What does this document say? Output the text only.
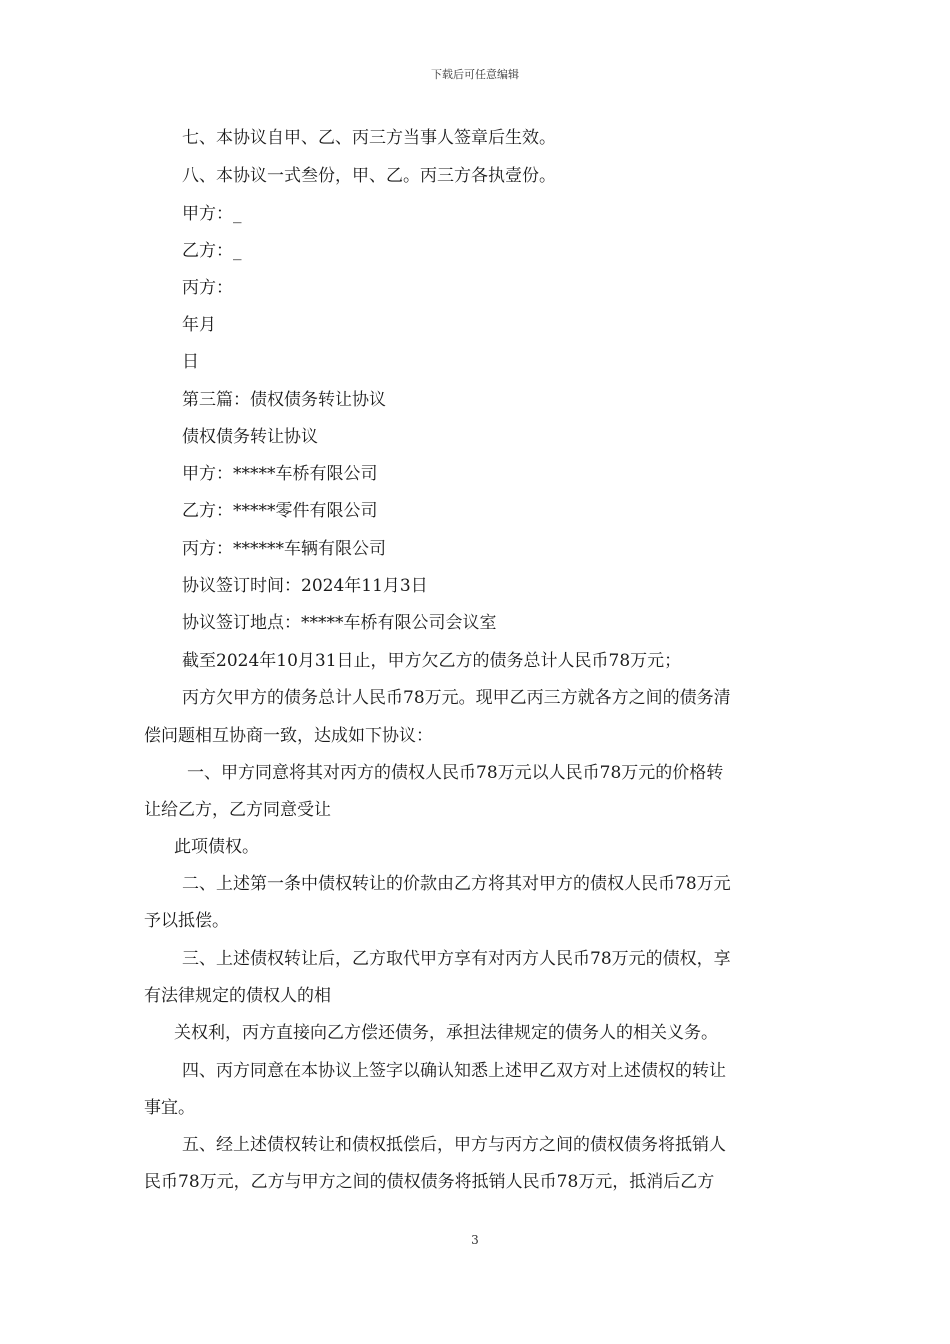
下载后可任意编辑
七、本协议自甲、乙、丙三方当事人签章后生效。
八、本协议一式叁份，甲、乙。丙三方各执壹份。
甲方：_
乙方：_
丙方：
年月
日
第三篇：债权债务转让协议
债权债务转让协议
甲方：*****车桥有限公司
乙方：*****零件有限公司
丙方：******车辆有限公司
协议签订时间：2024年11月3日
协议签订地点：*****车桥有限公司会议室
截至2024年10月31日止，甲方欠乙方的债务总计人民币78万元；
丙方欠甲方的债务总计人民币78万元。现甲乙丙三方就各方之间的债务清
偿问题相互协商一致，达成如下协议：
一、甲方同意将其对丙方的债权人民币78万元以人民币78万元的价格转
让给乙方，乙方同意受让
此项债权。
二、上述第一条中债权转让的价款由乙方将其对甲方的债权人民币78万元
予以抵偿。
三、上述债权转让后，乙方取代甲方享有对丙方人民币78万元的债权，享
有法律规定的债权人的相
关权利，丙方直接向乙方偿还债务，承担法律规定的债务人的相关义务。
四、丙方同意在本协议上签字以确认知悉上述甲乙双方对上述债权的转让
事宜。
五、经上述债权转让和债权抵偿后，甲方与丙方之间的债权债务将抵销人
民币78万元，乙方与甲方之间的债权债务将抵销人民币78万元，抵消后乙方
3
